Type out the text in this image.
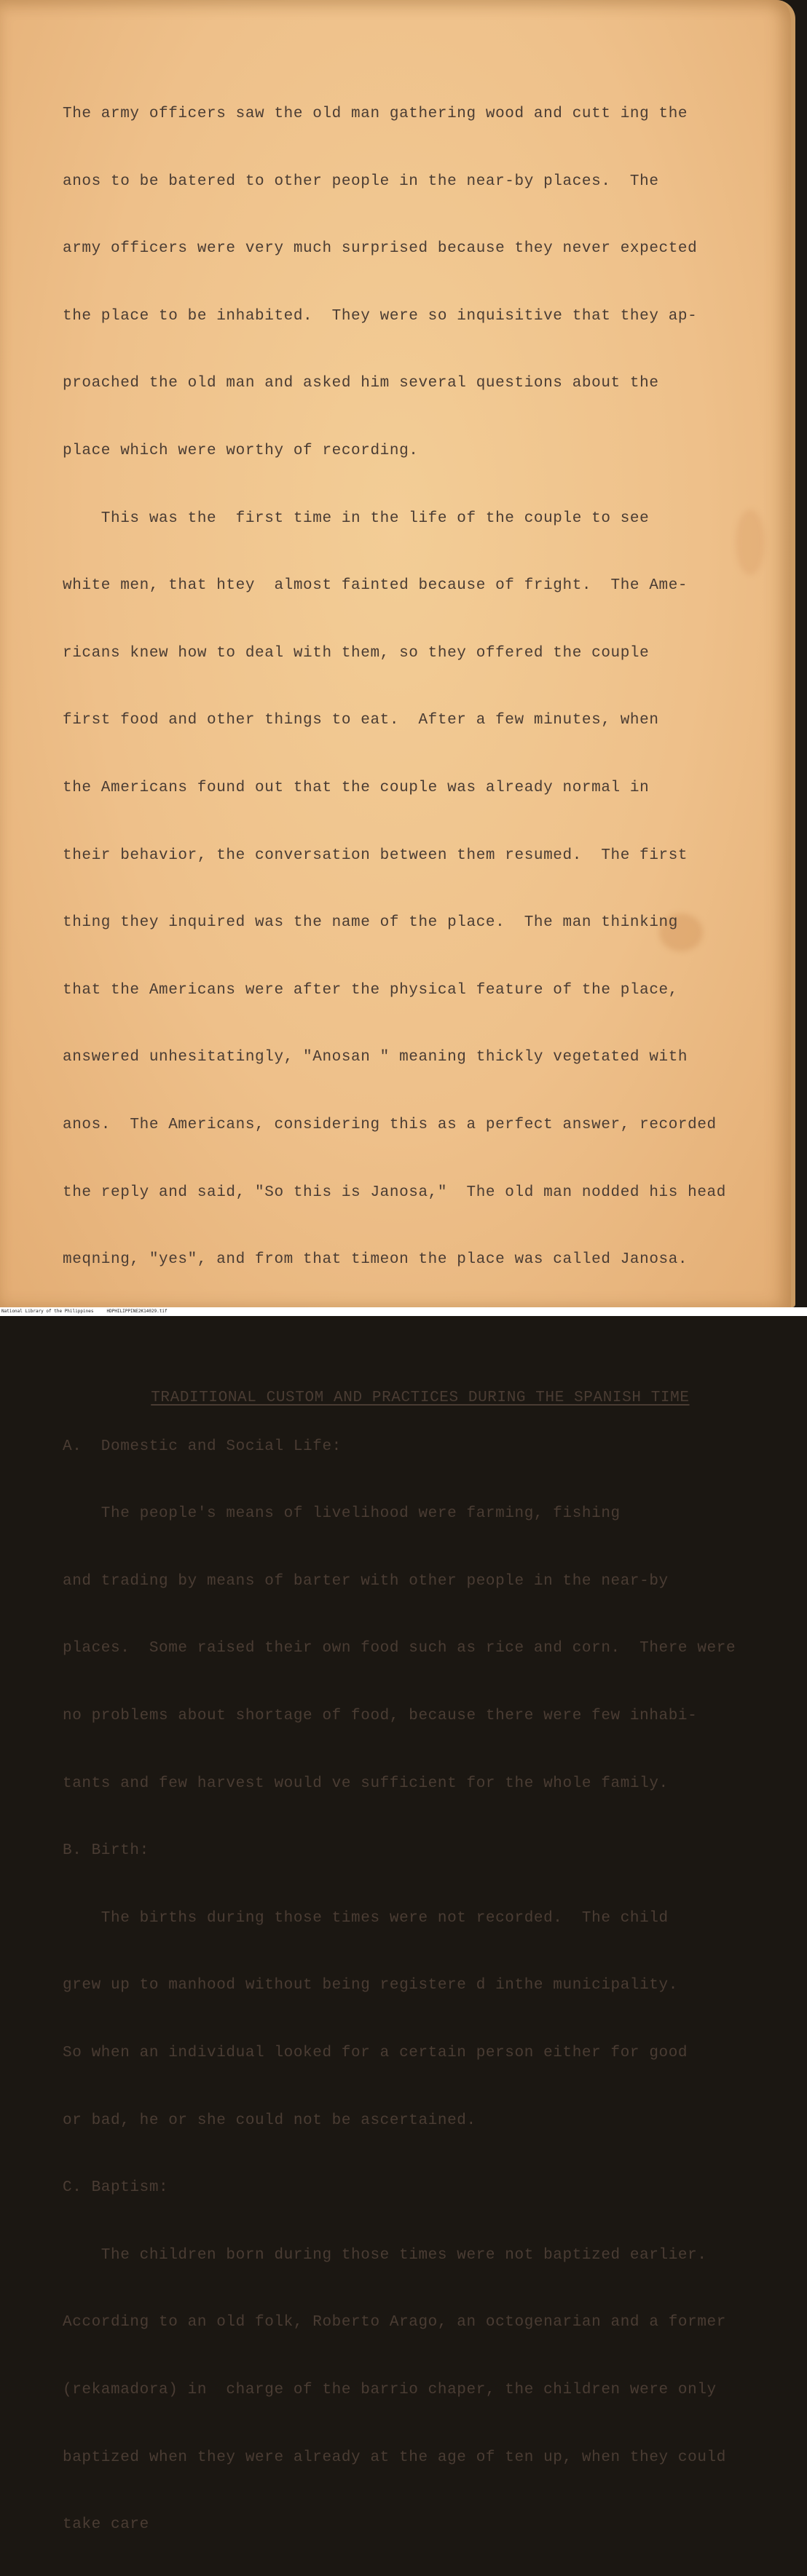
The army officers saw the old man gathering wood and cutt ing the

anos to be batered to other people in the near-by places.  The

army officers were very much surprised because they never expected

the place to be inhabited.  They were so inquisitive that they ap-

proached the old man and asked him several questions about the

place which were worthy of recording.

This was the  first time in the life of the couple to see

white men, that htey  almost fainted because of fright.  The Ame-

ricans knew how to deal with them, so they offered the couple

first food and other things to eat.  After a few minutes, when

the Americans found out that the couple was already normal in

their behavior, the conversation between them resumed.  The first

thing they inquired was the name of the place.  The man thinking

that the Americans were after the physical feature of the place,

answered unhesitatingly, "Anosan " meaning thickly vegetated with

anos.  The Americans, considering this as a perfect answer, recorded

the reply and said, "So this is Janosa,"  The old man nodded his head

meqning, "yes", and from that timeon the place was called Janosa.

TRADITIONAL CUSTOM AND PRACTICES DURING THE SPANISH TIME

A.  Domestic and Social Life:

The people's means of livelihood were farming, fishing

and trading by means of barter with other people in the near-by

places.  Some raised their own food such as rice and corn.  There were

no problems about shortage of food, because there were few inhabi-

tants and few harvest would ve sufficient for the whole family.

B. Birth:

The births during those times were not recorded.  The child

grew up to manhood without being registere d inthe municipality.

So when an individual looked for a certain person either for good

or bad, he or she could not be ascertained.

C. Baptism:

The children born during those times were not baptized earlier.

According to an old folk, Roberto Arago, an octogenarian and a former

(rekamadora) in  charge of the barrio chaper, the children were only

baptized when they were already at the age of ten up, when they could

take care

National Library of the Philippines	HDPHILIPPINE2K14029.tif
